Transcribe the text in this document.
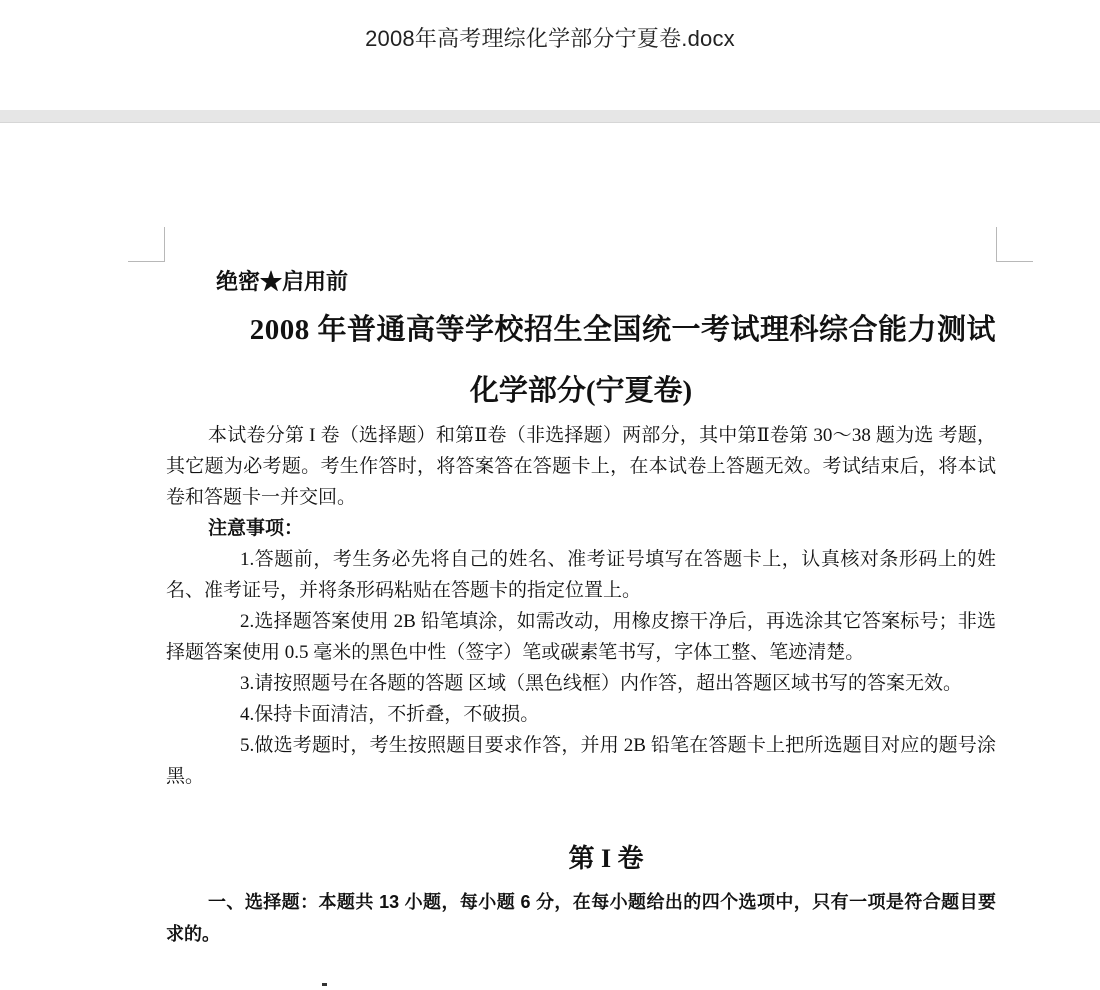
2008年高考理综化学部分宁夏卷.docx
绝密★启用前
2008 年普通高等学校招生全国统一考试理科综合能力测试
化学部分(宁夏卷)

本试卷分第 I 卷（选择题）和第Ⅱ卷（非选择题）两部分，其中第Ⅱ卷第 30～38 题为选 考题，其它题为必考题。考生作答时，将答案答在答题卡上，在本试卷上答题无效。考试结束后，将本试卷和答题卡一并交回。

注意事项：

1.答题前，考生务必先将自己的姓名、准考证号填写在答题卡上，认真核对条形码上的姓名、准考证号，并将条形码粘贴在答题卡的指定位置上。

2.选择题答案使用 2B 铅笔填涂，如需改动，用橡皮擦干净后，再选涂其它答案标号；非选择题答案使用 0.5 毫米的黑色中性（签字）笔或碳素笔书写，字体工整、笔迹清楚。

3.请按照题号在各题的答题 区域（黑色线框）内作答，超出答题区域书写的答案无效。

4.保持卡面清洁，不折叠，不破损。

5.做选考题时，考生按照题目要求作答，并用 2B 铅笔在答题卡上把所选题目对应的题号涂黑。

第 I 卷
一、选择题：本题共 13 小题，每小题 6 分，在每小题给出的四个选项中，只有一项是符合题目要求的。
